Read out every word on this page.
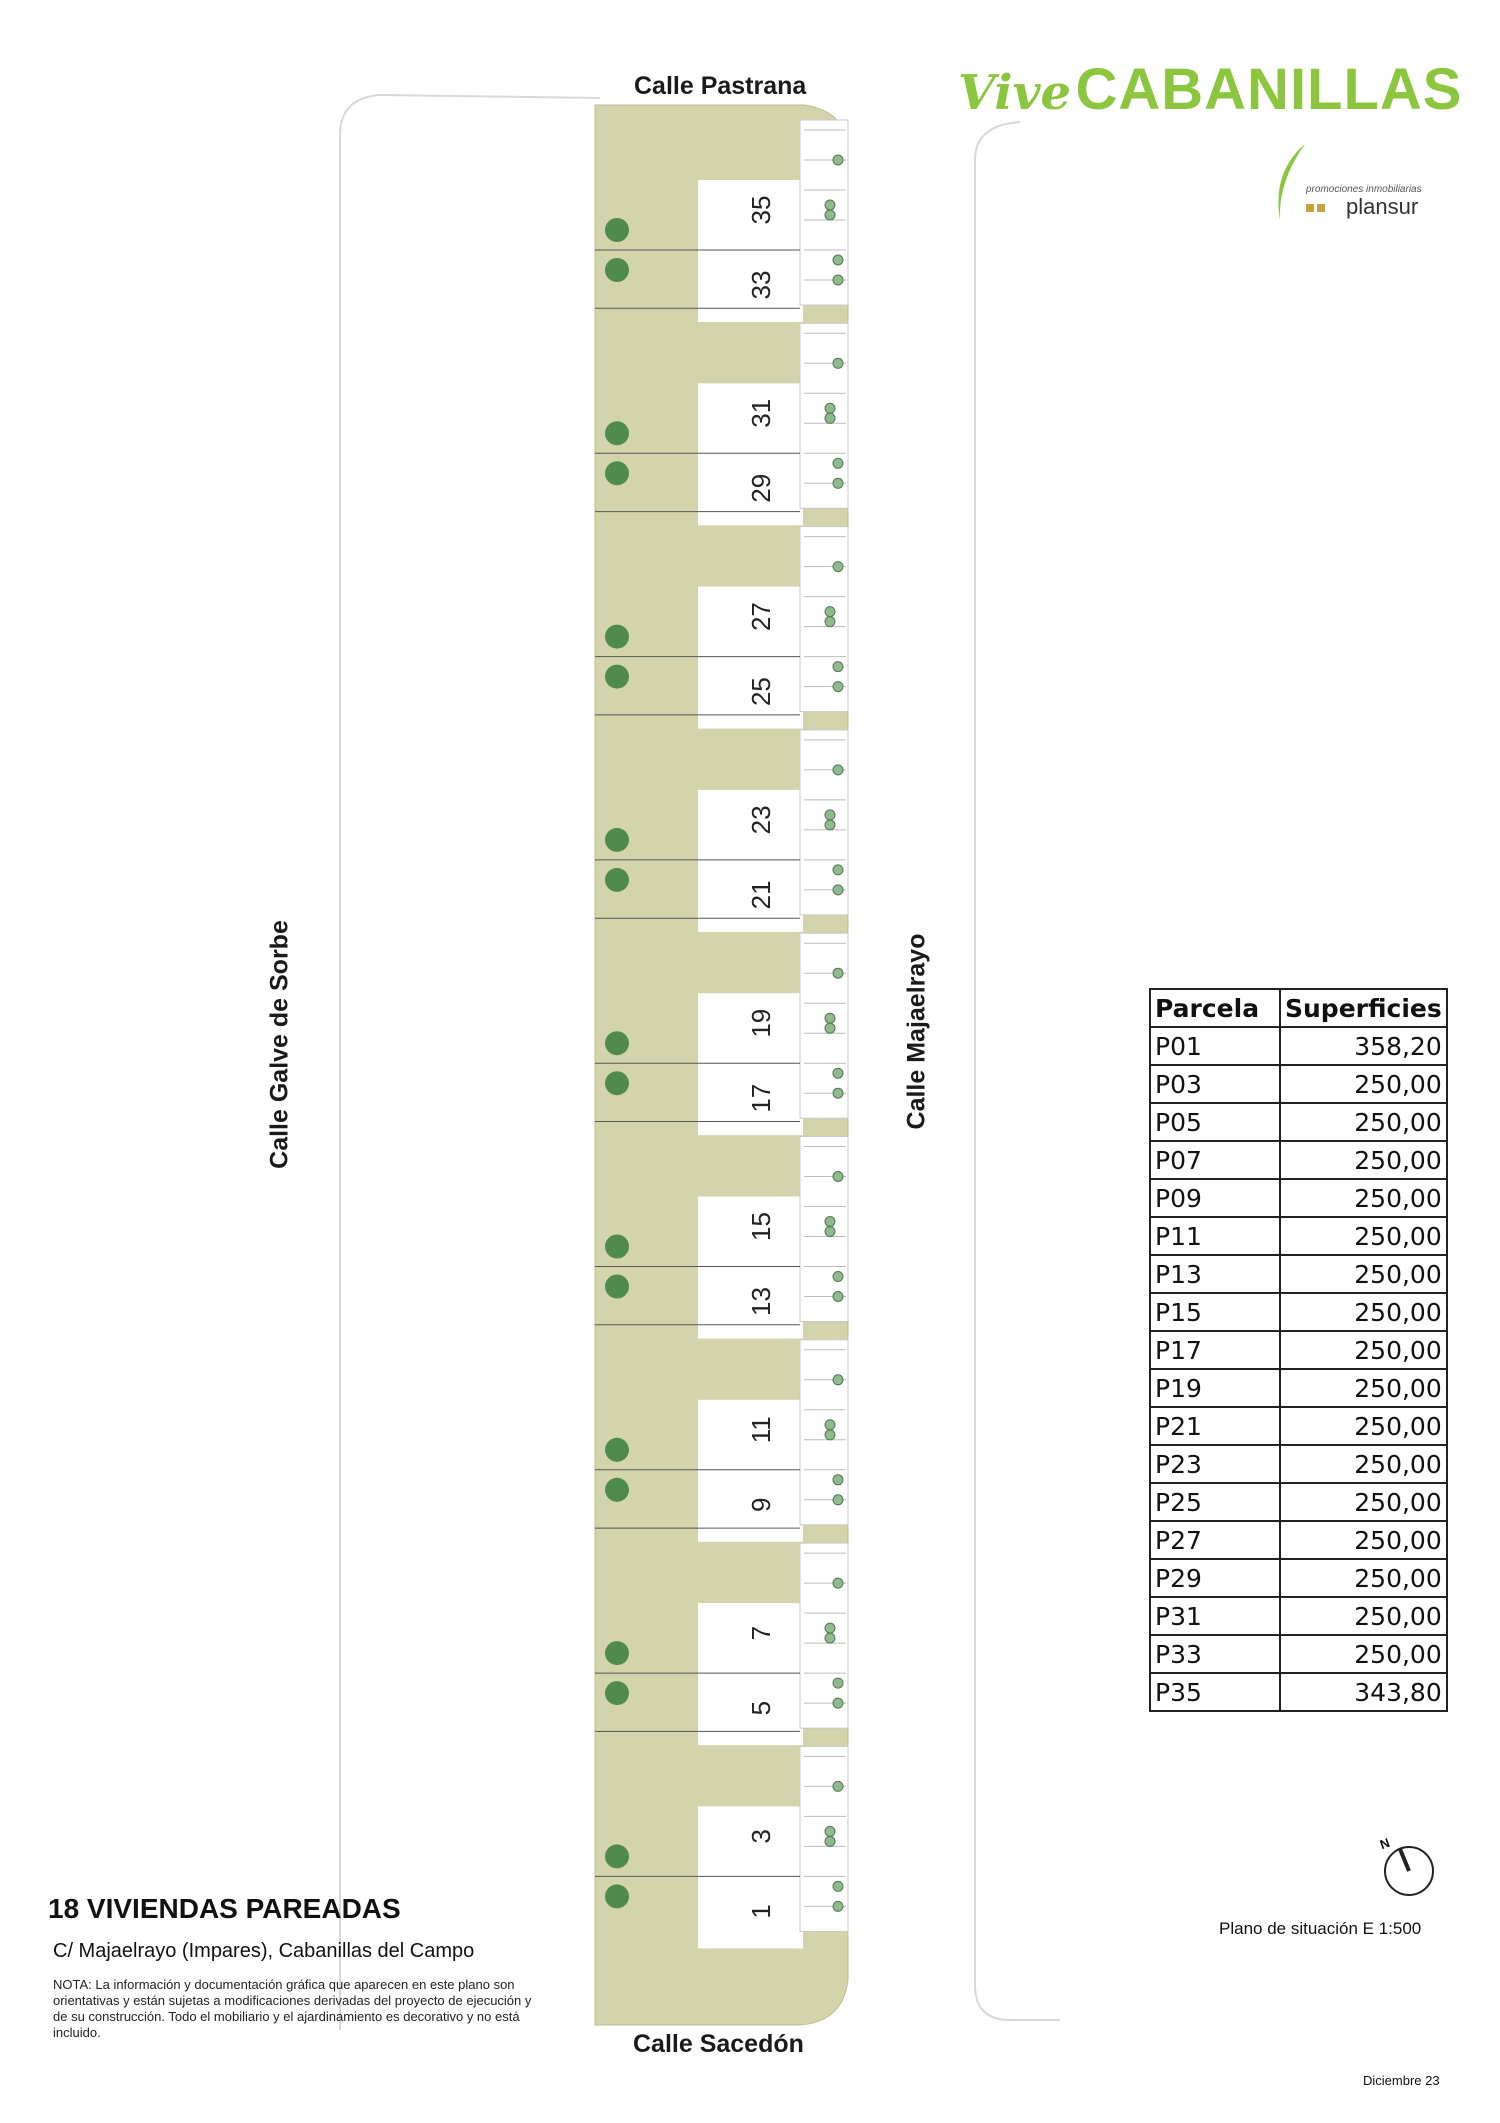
35
33
31
29
27
25
23
21
19
17
15
13
11
9
7
5
3
1
Calle Pastrana
Calle Sacedón
Calle Galve de Sorbe	Calle Majaelrayo
Vive CABANILLAS
promociones inmobiliarias
plansur
Parcela	Superficies
P01	358,20
P03	250,00
P05	250,00
P07	250,00
P09	250,00
P11	250,00
P13	250,00
P15	250,00
P17	250,00
P19	250,00
P21	250,00
P23	250,00
P25	250,00
P27	250,00
P29	250,00
P31	250,00
P33	250,00
P35	343,80
N
Plano de situación E 1:500
18 VIVIENDAS PAREADAS
C/ Majaelrayo (Impares), Cabanillas del Campo
NOTA: La información y documentación gráfica que aparecen en este plano son orientativas y están sujetas a modificaciones derivadas del proyecto de ejecución y de su construcción. Todo el mobiliario y el ajardinamiento es decorativo y no está incluido.
Diciembre 23
